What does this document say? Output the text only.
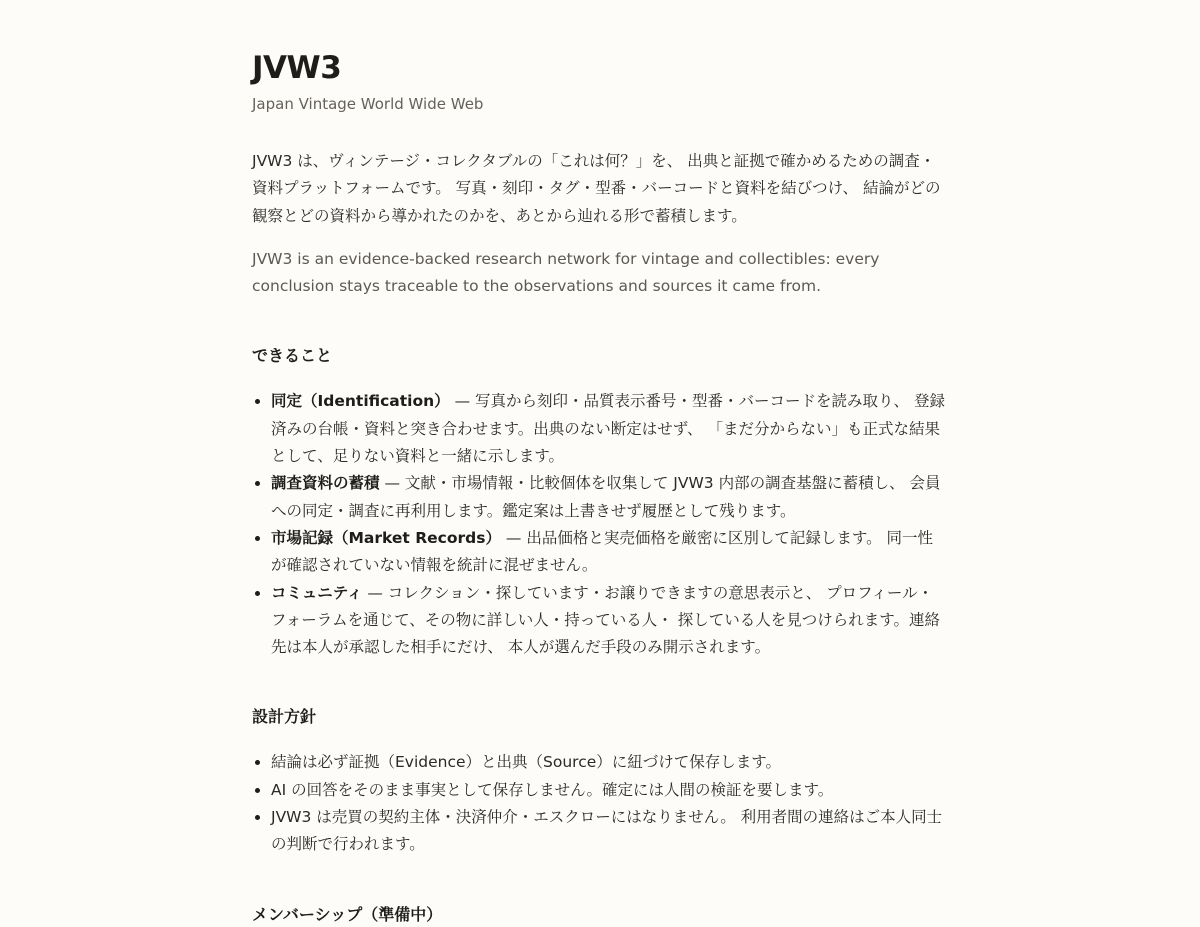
JVW3

Japan Vintage World Wide Web

JVW3 は、ヴィンテージ・コレクタブルの「これは何？」を、 出典と証拠で確かめるための調査・資料プラットフォームです。 写真・刻印・タグ・型番・バーコードと資料を結びつけ、 結論がどの観察とどの資料から導かれたのかを、あとから辿れる形で蓄積します。

JVW3 is an evidence-backed research network for vintage and collectibles: every conclusion stays traceable to the observations and sources it came from.

できること
• 同定（Identification） — 写真から刻印・品質表示番号・型番・バーコードを読み取り、 登録済みの台帳・資料と突き合わせます。出典のない断定はせず、 「まだ分からない」も正式な結果として、足りない資料と一緒に示します。
• 調査資料の蓄積 — 文献・市場情報・比較個体を収集して JVW3 内部の調査基盤に蓄積し、 会員への同定・調査に再利用します。鑑定案は上書きせず履歴として残ります。
• 市場記録（Market Records） — 出品価格と実売価格を厳密に区別して記録します。 同一性が確認されていない情報を統計に混ぜません。
• コミュニティ — コレクション・探しています・お譲りできますの意思表示と、 プロフィール・フォーラムを通じて、その物に詳しい人・持っている人・ 探している人を見つけられます。連絡先は本人が承認した相手にだけ、 本人が選んだ手段のみ開示されます。
設計方針
• 結論は必ず証拠（Evidence）と出典（Source）に紐づけて保存します。
• AI の回答をそのまま事実として保存しません。確定には人間の検証を要します。
• JVW3 は売買の契約主体・決済仲介・エスクローにはなりません。 利用者間の連絡はご本人同士の判断で行われます。
メンバーシップ（準備中）
